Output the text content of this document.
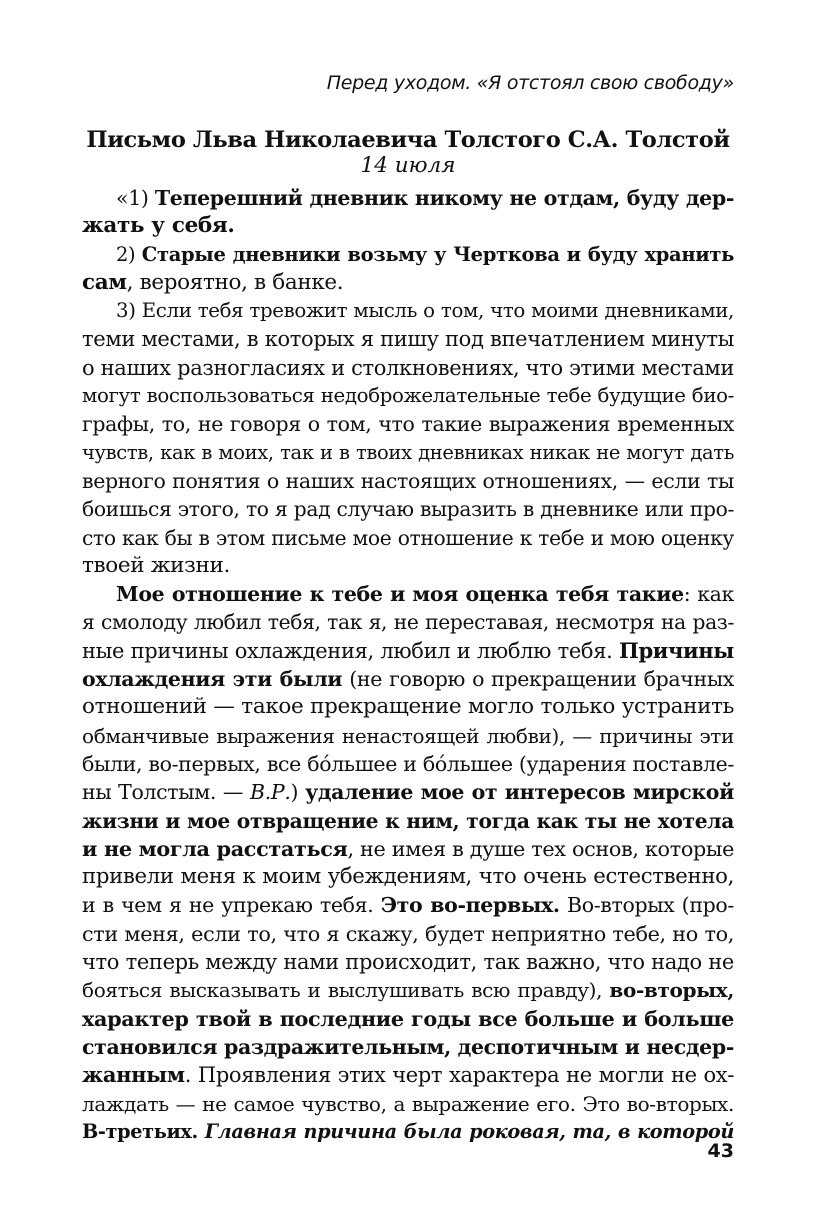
Перед уходом. «Я отстоял свою свободу»
Письмо Льва Николаевича Толстого С.А. Толстой
14 июля
«1) Теперешний дневник никому не отдам, буду дер-
жать у себя.
2) Старые дневники возьму у Черткова и буду хранить
сам, вероятно, в банке.
3) Если тебя тревожит мысль о том, что моими дневниками,
теми местами, в которых я пишу под впечатлением минуты
о наших разногласиях и столкновениях, что этими местами
могут воспользоваться недоброжелательные тебе будущие био-
графы, то, не говоря о том, что такие выражения временных
чувств, как в моих, так и в твоих дневниках никак не могут дать
верного понятия о наших настоящих отношениях, — если ты
боишься этого, то я рад случаю выразить в дневнике или про-
сто как бы в этом письме мое отношение к тебе и мою оценку
твоей жизни.
Мое отношение к тебе и моя оценка тебя такие: как
я смолоду любил тебя, так я, не переставая, несмотря на раз-
ные причины охлаждения, любил и люблю тебя. Причины
охлаждения эти были (не говорю о прекращении брачных
отношений — такое прекращение могло только устранить
обманчивые выражения ненастоящей любви), — причины эти
были, во-первых, все бóльшее и бóльшее (ударения поставле-
ны Толстым. — В.Р.) удаление мое от интересов мирской
жизни и мое отвращение к ним, тогда как ты не хотела
и не могла расстаться, не имея в душе тех основ, которые
привели меня к моим убеждениям, что очень естественно,
и в чем я не упрекаю тебя. Это во-первых. Во-вторых (про-
сти меня, если то, что я скажу, будет неприятно тебе, но то,
что теперь между нами происходит, так важно, что надо не
бояться высказывать и выслушивать всю правду), во-вторых,
характер твой в последние годы все больше и больше
становился раздражительным, деспотичным и несдер-
жанным. Проявления этих черт характера не могли не ох-
лаждать — не самое чувство, а выражение его. Это во-вторых.
В-третьих. Главная причина была роковая, та, в которой
43
